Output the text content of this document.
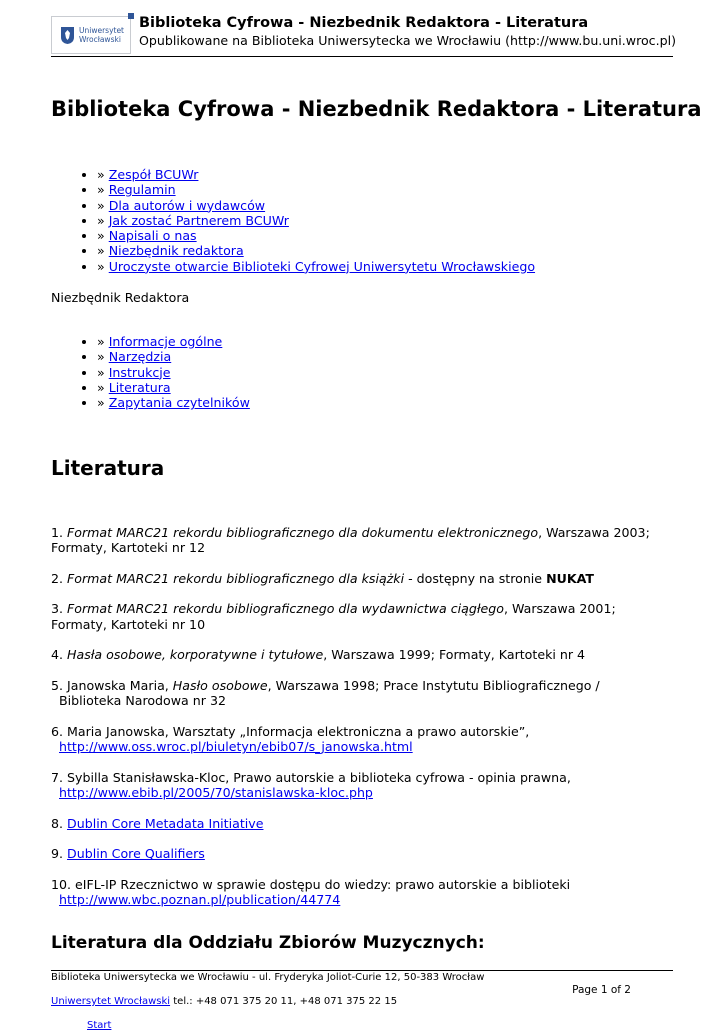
Uniwersytet
Wrocławski
Biblioteka Cyfrowa - Niezbednik Redaktora - Literatura
Opublikowane na Biblioteka Uniwersytecka we Wrocławiu (http://www.bu.uni.wroc.pl)
Biblioteka Cyfrowa - Niezbednik Redaktora - Literatura
• » Zespół BCUWr
• » Regulamin
• » Dla autorów i wydawców
• » Jak zostać Partnerem BCUWr
• » Napisali o nas
• » Niezbędnik redaktora
• » Uroczyste otwarcie Biblioteki Cyfrowej Uniwersytetu Wrocławskiego
Niezbędnik Redaktora
• » Informacje ogólne
• » Narzędzia
• » Instrukcje
• » Literatura
• » Zapytania czytelników
Literatura

1. Format MARC21 rekordu bibliograficznego dla dokumentu elektronicznego, Warszawa 2003; Formaty, Kartoteki nr 12

2. Format MARC21 rekordu bibliograficznego dla książki - dostępny na stronie NUKAT

3. Format MARC21 rekordu bibliograficznego dla wydawnictwa ciągłego, Warszawa 2001; Formaty, Kartoteki nr 10

4. Hasła osobowe, korporatywne i tytułowe, Warszawa 1999; Formaty, Kartoteki nr 4

5. Janowska Maria, Hasło osobowe, Warszawa 1998; Prace Instytutu Bibliograficznego /
Biblioteka Narodowa nr 32

6. Maria Janowska, Warsztaty „Informacja elektroniczna a prawo autorskie”,
http://www.oss.wroc.pl/biuletyn/ebib07/s_janowska.html

7. Sybilla Stanisławska-Kloc, Prawo autorskie a biblioteka cyfrowa - opinia prawna,
http://www.ebib.pl/2005/70/stanislawska-kloc.php

8. Dublin Core Metadata Initiative

9. Dublin Core Qualifiers

10. eIFL-IP Rzecznictwo w sprawie dostępu do wiedzy: prawo autorskie a biblioteki
http://www.wbc.poznan.pl/publication/44774

Literatura dla Oddziału Zbiorów Muzycznych:
Biblioteka Uniwersytecka we Wrocławiu - ul. Fryderyka Joliot-Curie 12, 50-383 Wrocław
Page 1 of 2
Uniwersytet Wrocławski tel.: +48 071 375 20 11, +48 071 375 22 15
Start
